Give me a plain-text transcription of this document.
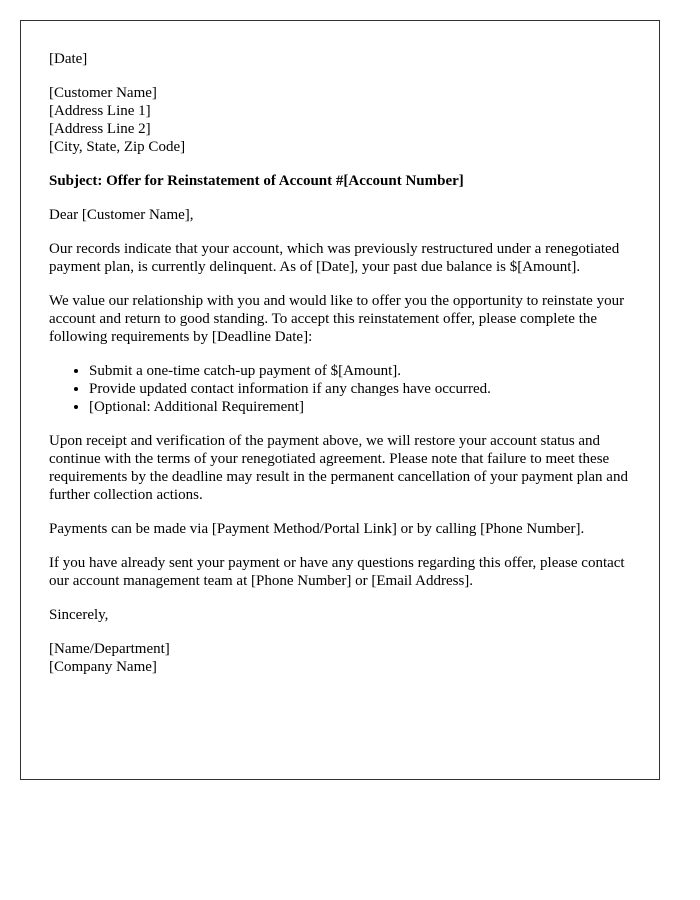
[Date]
[Customer Name]
[Address Line 1]
[Address Line 2]
[City, State, Zip Code]

Subject: Offer for Reinstatement of Account #[Account Number]

Dear [Customer Name],

Our records indicate that your account, which was previously restructured under a renegotiated payment plan, is currently delinquent. As of [Date], your past due balance is $[Amount].

We value our relationship with you and would like to offer you the opportunity to reinstate your account and return to good standing. To accept this reinstatement offer, please complete the following requirements by [Deadline Date]:

• Submit a one-time catch-up payment of $[Amount].
• Provide updated contact information if any changes have occurred.
• [Optional: Additional Requirement]

Upon receipt and verification of the payment above, we will restore your account status and continue with the terms of your renegotiated agreement. Please note that failure to meet these requirements by the deadline may result in the permanent cancellation of your payment plan and further collection actions.

Payments can be made via [Payment Method/Portal Link] or by calling [Phone Number].

If you have already sent your payment or have any questions regarding this offer, please contact our account management team at [Phone Number] or [Email Address].

Sincerely,

[Name/Department]
[Company Name]
